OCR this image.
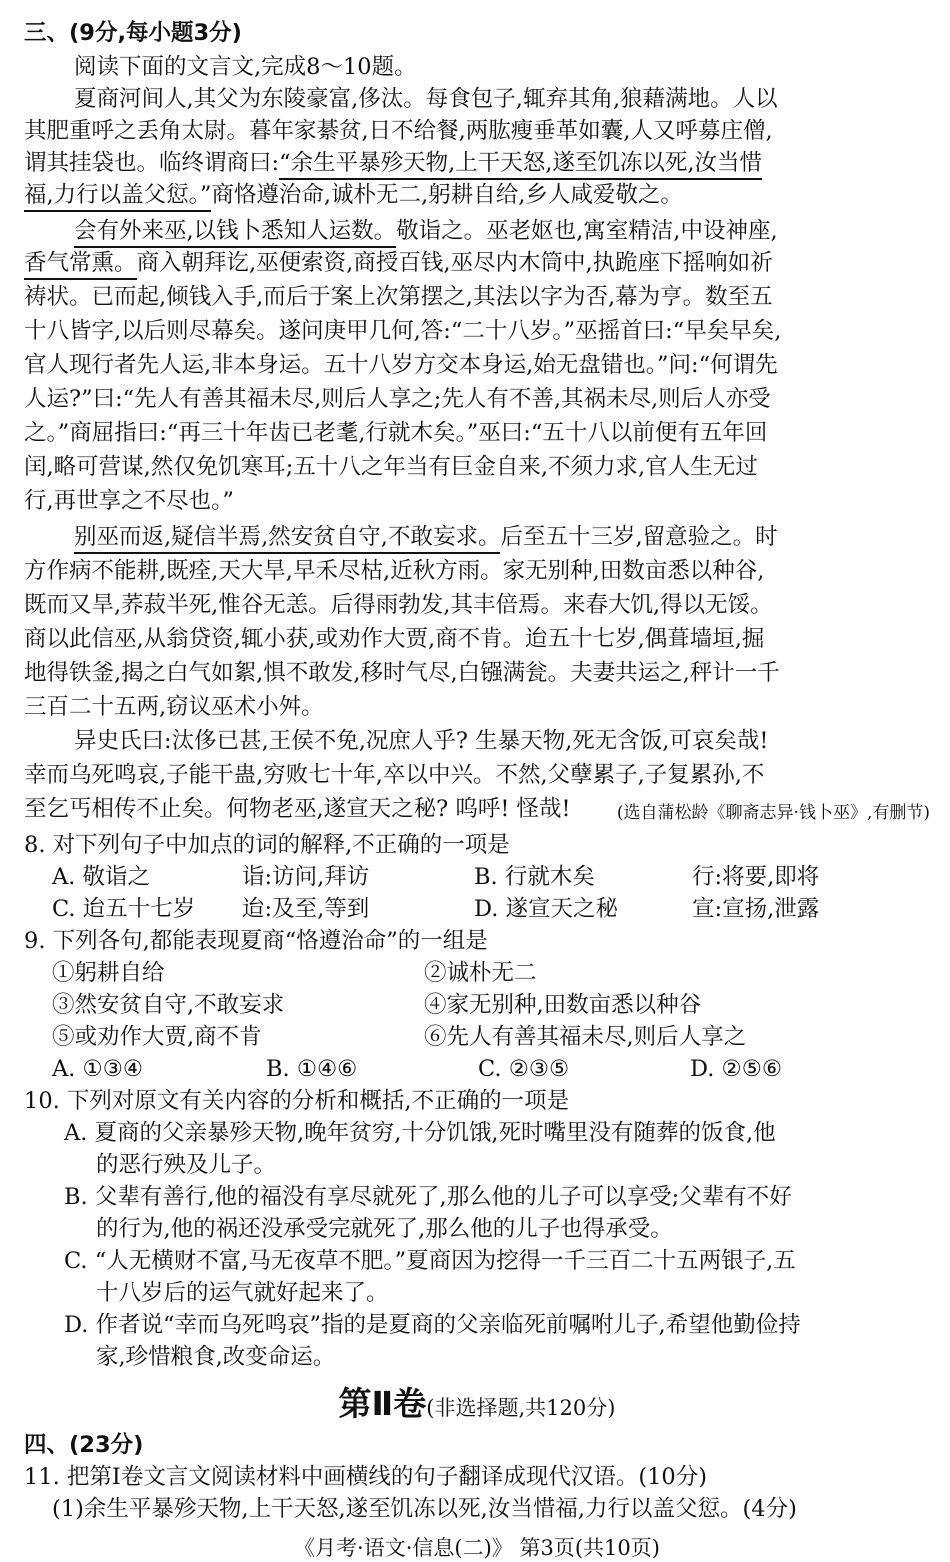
三、(9分,每小题3分)
阅读下面的文言文,完成8～10题。
夏商河间人,其父为东陵豪富,侈汰。每食包子,辄弃其角,狼藉满地。人以
其肥重呼之丢角太尉。暮年家綦贫,日不给餐,两肱瘦垂革如囊,人又呼募庄僧,
谓其挂袋也。临终谓商曰:“余生平暴殄天物,上干天怒,遂至饥冻以死,汝当惜
福,力行以盖父愆。”商恪遵治命,诚朴无二,躬耕自给,乡人咸爱敬之。
会有外来巫,以钱卜悉知人运数。敬诣之。巫老妪也,寓室精洁,中设神座,
香气常熏。商入朝拜讫,巫便索资,商授百钱,巫尽内木筒中,执跪座下摇响如祈
祷状。已而起,倾钱入手,而后于案上次第摆之,其法以字为否,幕为亨。数至五
十八皆字,以后则尽幕矣。遂问庚甲几何,答:“二十八岁。”巫摇首曰:“早矣早矣,
官人现行者先人运,非本身运。五十八岁方交本身运,始无盘错也。”问:“何谓先
人运?”曰:“先人有善其福未尽,则后人享之;先人有不善,其祸未尽,则后人亦受
之。”商屈指曰:“再三十年齿已老耄,行就木矣。”巫曰:“五十八以前便有五年回
闰,略可营谋,然仅免饥寒耳;五十八之年当有巨金自来,不须力求,官人生无过
行,再世享之不尽也。”
别巫而返,疑信半焉,然安贫自守,不敢妄求。后至五十三岁,留意验之。时
方作病不能耕,既痊,天大旱,早禾尽枯,近秋方雨。家无别种,田数亩悉以种谷,
既而又旱,荞菽半死,惟谷无恙。后得雨勃发,其丰倍焉。来春大饥,得以无馁。
商以此信巫,从翁贷资,辄小获,或劝作大贾,商不肯。迨五十七岁,偶葺墙垣,掘
地得铁釜,揭之白气如絮,惧不敢发,移时气尽,白镪满瓮。夫妻共运之,秤计一千
三百二十五两,窃议巫术小舛。
异史氏曰:汰侈已甚,王侯不免,况庶人乎? 生暴天物,死无含饭,可哀矣哉!
幸而乌死鸣哀,子能干蛊,穷败七十年,卒以中兴。不然,父孽累子,子复累孙,不
至乞丐相传不止矣。何物老巫,遂宣天之秘? 呜呼! 怪哉!	(选自蒲松龄《聊斋志异·钱卜巫》,有删节)
8. 对下列句子中加点的词的解释,不正确的一项是
A. 敬诣之	诣:访问,拜访	B. 行就木矣	行:将要,即将
C. 迨五十七岁 迨:及至,等到	D. 遂宣天之秘	宣:宣扬,泄露
9. 下列各句,都能表现夏商“恪遵治命”的一组是
①躬耕自给	②诚朴无二
③然安贫自守,不敢妄求	④家无别种,田数亩悉以种谷
⑤或劝作大贾,商不肯	⑥先人有善其福未尽,则后人享之
A. ①③④	B. ①④⑥	C. ②③⑤	D. ②⑤⑥
10. 下列对原文有关内容的分析和概括,不正确的一项是
A. 夏商的父亲暴殄天物,晚年贫穷,十分饥饿,死时嘴里没有随葬的饭食,他
的恶行殃及儿子。
B. 父辈有善行,他的福没有享尽就死了,那么他的儿子可以享受;父辈有不好
的行为,他的祸还没承受完就死了,那么他的儿子也得承受。
C. “人无横财不富,马无夜草不肥。”夏商因为挖得一千三百二十五两银子,五
十八岁后的运气就好起来了。
D. 作者说“幸而乌死鸣哀”指的是夏商的父亲临死前嘱咐儿子,希望他勤俭持
家,珍惜粮食,改变命运。
第Ⅱ卷(非选择题,共120分)
四、(23分)
11. 把第Ⅰ卷文言文阅读材料中画横线的句子翻译成现代汉语。(10分)
(1)余生平暴殄天物,上干天怒,遂至饥冻以死,汝当惜福,力行以盖父愆。(4分)
《月考·语文·信息(二)》 第3页(共10页)
